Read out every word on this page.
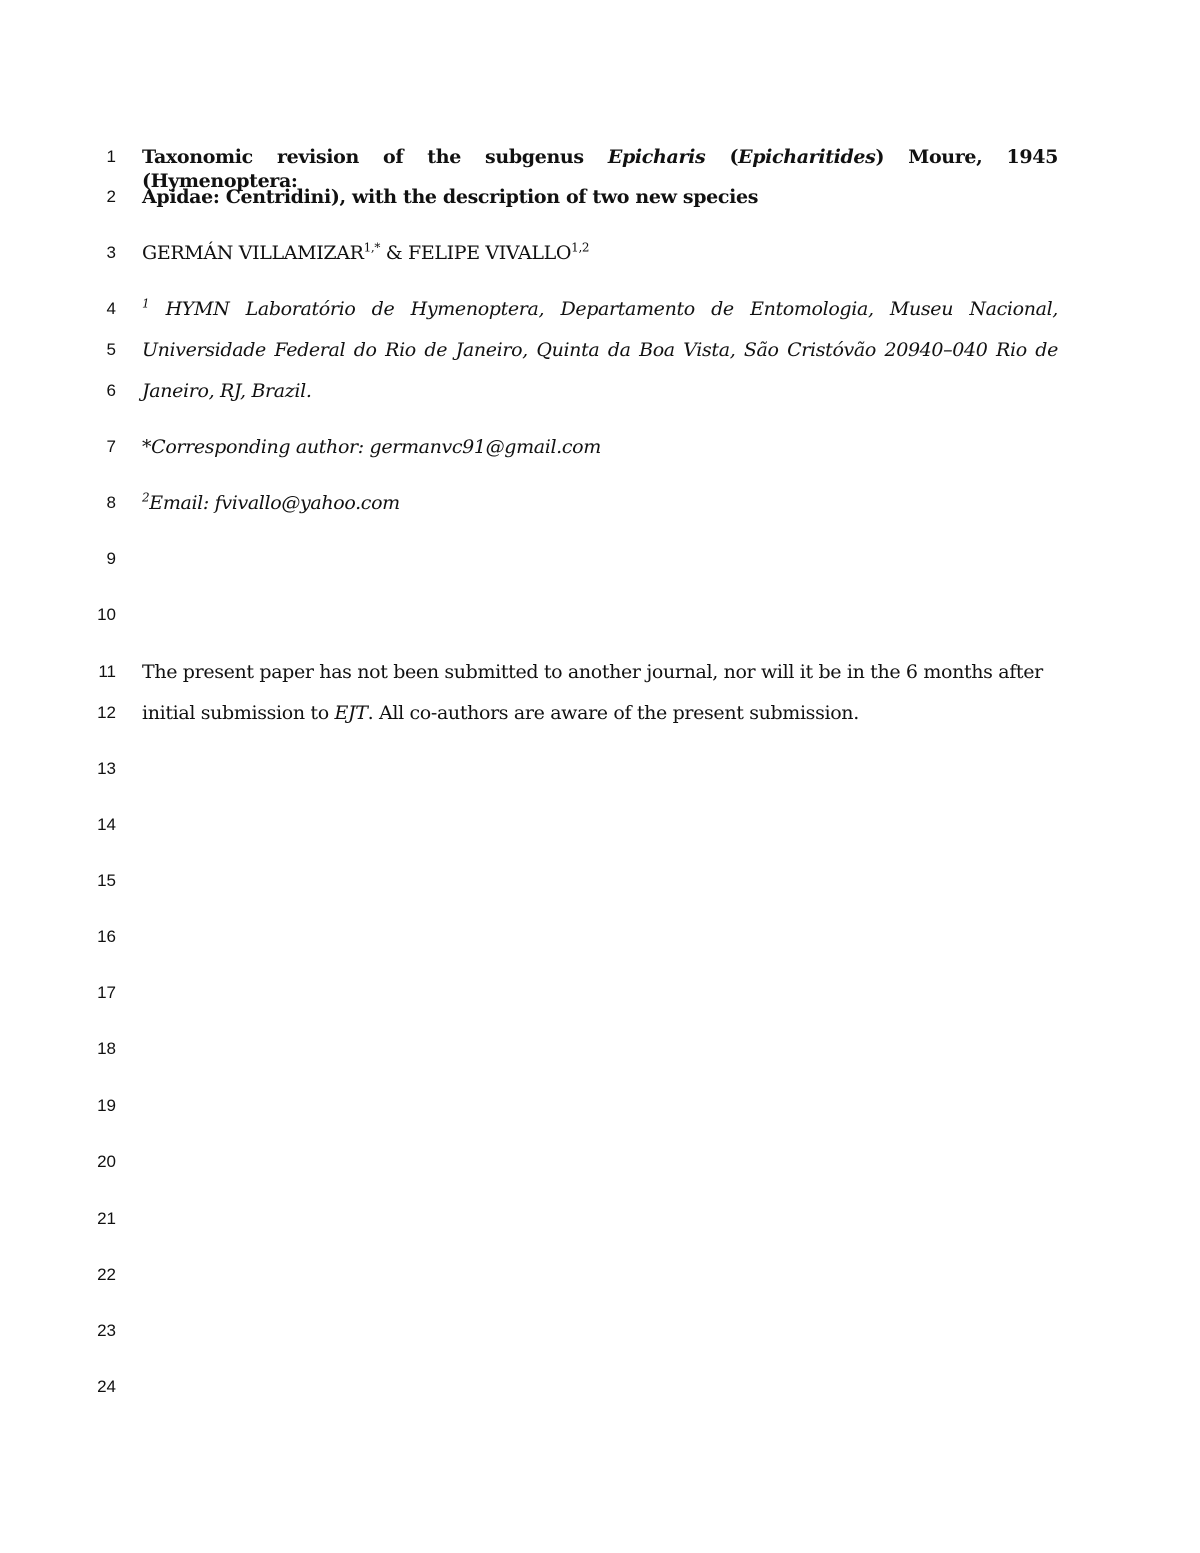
1
2
3
4
5
6
7
8
9
10
11
12
13
14
15
16
17
18
19
20
21
22
23
24
Taxonomic revision of the subgenus Epicharis (Epicharitides) Moure, 1945 (Hymenoptera:
Apidae: Centridini), with the description of two new species
GERMÁN $VILLAMIZAR^{1,*}$ & FELIPE VIVALLO$^{1,2}$
$^1$ HYMN Laboratório de Hymenoptera, Departamento de Entomologia, Museu Nacional,
Universidade Federal do Rio de Janeiro, Quinta da Boa Vista, São Cristóvão 20940–040 Rio de
Janeiro, RJ, Brazil.
*Corresponding author: germanvc91@gmail.com
$^2$Email: fvivallo@yahoo.com
The present paper has not been submitted to another journal, nor will it be in the 6 months after
initial submission to EJT. All co-authors are aware of the present submission.
